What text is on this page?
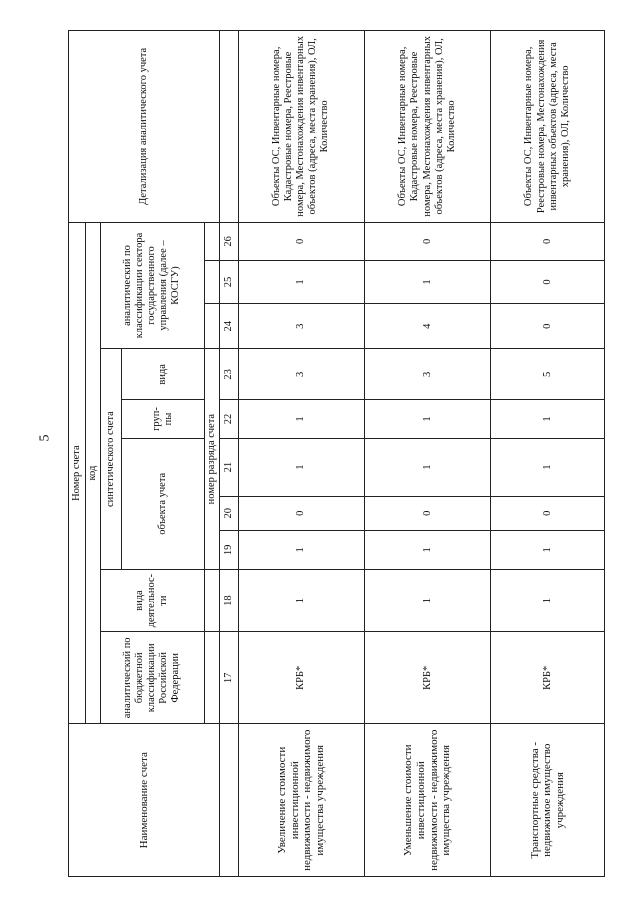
5
Наименование счета	Номер счета										Детализация аналитического учета
	код										
	аналитический по бюджетной классификации Российской Федерации	вида деятельнос-ти	синтетического счета					аналитический по классификации сектора государственного управления (далее – КОСГУ)			
			объекта учета			груп-пы	вида				
			номер разряда счета								
	17	18	19	20	21	22	23	24	25	26	
Увеличение стоимости инвестиционной недвижимости - недвижимого имущества учреждения	КРБ*	1	1	0	1	1	3	3	1	0	Объекты ОС, Инвентарные номера, Кадастровые номера, Реестровые номера, Местонахождения инвентарных объектов (адреса, места хранения), ОЛ, Количество
Уменьшение стоимости инвестиционной недвижимости - недвижимого имущества учреждения	КРБ*	1	1	0	1	1	3	4	1	0	Объекты ОС, Инвентарные номера, Кадастровые номера, Реестровые номера, Местонахождения инвентарных объектов (адреса, места хранения), ОЛ, Количество
Транспортные средства - недвижимое имущество учреждения	КРБ*	1	1	0	1	1	5	0	0	0	Объекты ОС, Инвентарные номера, Реестровые номера, Местонахождения инвентарных объектов (адреса, места хранения), ОЛ, Количество
